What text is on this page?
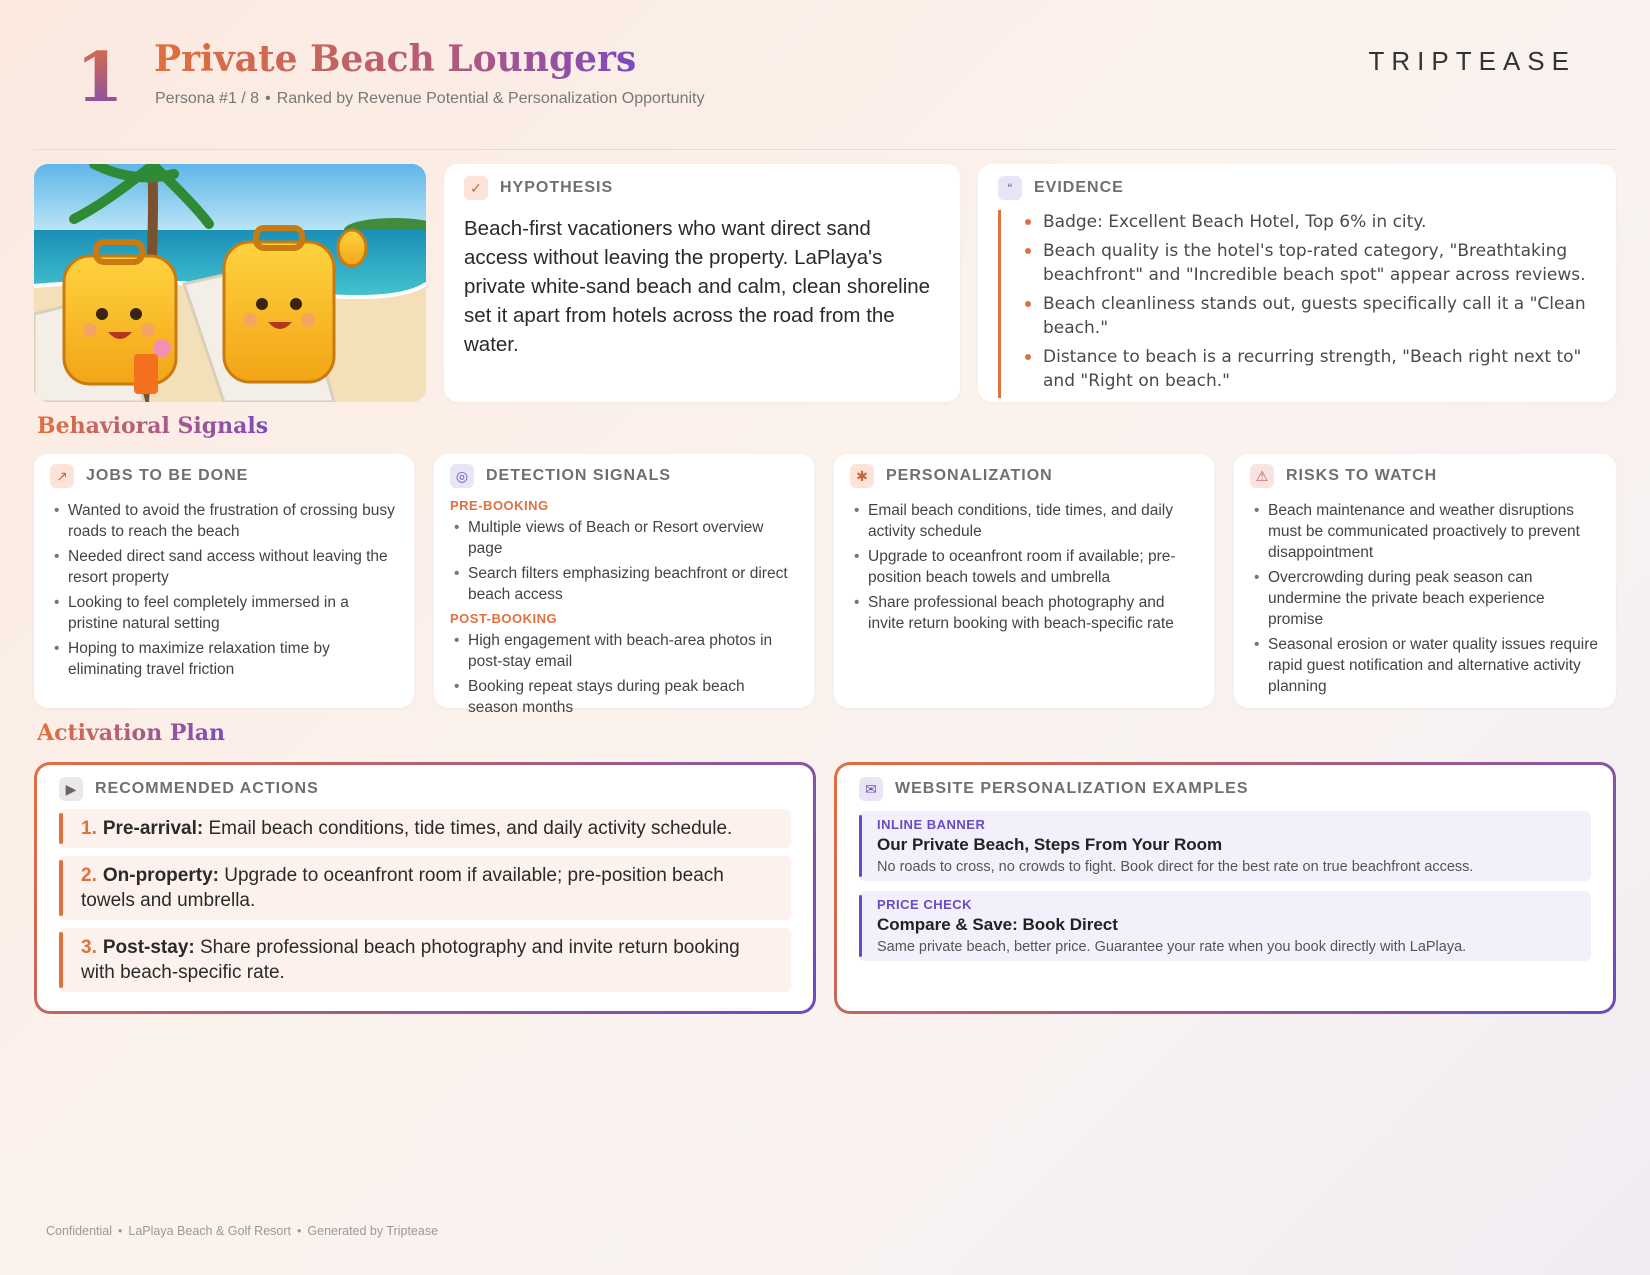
1 Private Beach Loungers
Persona #1 / 8 • Ranked by Revenue Potential & Personalization Opportunity
TRIPTEASE
✓	HYPOTHESIS
Beach-first vacationers who want direct sand access without leaving the property. LaPlaya's private white-sand beach and calm, clean shoreline set it apart from hotels across the road from the water.
“	EVIDENCE
Badge: Excellent Beach Hotel, Top 6% in city.
Beach quality is the hotel's top-rated category, "Breathtaking beachfront" and "Incredible beach spot" appear across reviews.
Beach cleanliness stands out, guests specifically call it a "Clean beach."
Distance to beach is a recurring strength, "Beach right next to" and "Right on beach."
Behavioral Signals
↗	JOBS TO BE DONE
• Wanted to avoid the frustration of crossing busy roads to reach the beach
• Needed direct sand access without leaving the resort property
• Looking to feel completely immersed in a pristine natural setting
• Hoping to maximize relaxation time by eliminating travel friction
◎	DETECTION SIGNALS
PRE-BOOKING
• Multiple views of Beach or Resort overview page
• Search filters emphasizing beachfront or direct beach access
POST-BOOKING
• High engagement with beach-area photos in post-stay email
• Booking repeat stays during peak beach season months
✱	PERSONALIZATION
• Email beach conditions, tide times, and daily activity schedule
• Upgrade to oceanfront room if available; pre-position beach towels and umbrella
• Share professional beach photography and invite return booking with beach-specific rate
⚠	RISKS TO WATCH
• Beach maintenance and weather disruptions must be communicated proactively to prevent disappointment
• Overcrowding during peak season can undermine the private beach experience promise
• Seasonal erosion or water quality issues require rapid guest notification and alternative activity planning
Activation Plan
▶	RECOMMENDED ACTIONS
1. Pre-arrival: Email beach conditions, tide times, and daily activity schedule.
2. On-property: Upgrade to oceanfront room if available; pre-position beach towels and umbrella.
3. Post-stay: Share professional beach photography and invite return booking with beach-specific rate.
✉	WEBSITE PERSONALIZATION EXAMPLES
INLINE BANNER
Our Private Beach, Steps From Your Room
No roads to cross, no crowds to fight. Book direct for the best rate on true beachfront access.
PRICE CHECK
Compare & Save: Book Direct
Same private beach, better price. Guarantee your rate when you book directly with LaPlaya.
Confidential • LaPlaya Beach & Golf Resort • Generated by Triptease
